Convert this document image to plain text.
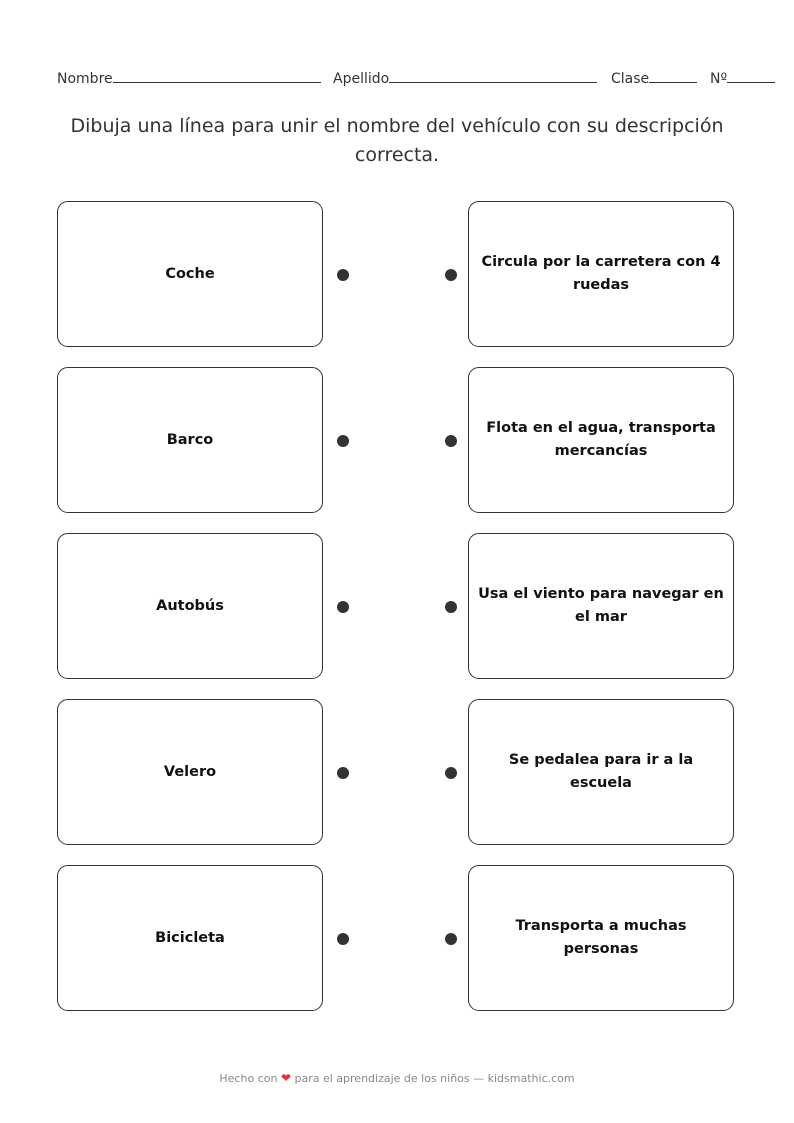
Nombre	Apellido	Clase	Nº
Dibuja una línea para unir el nombre del vehículo con su descripción correcta.
Coche
Circula por la carretera con 4 ruedas
Barco
Flota en el agua, transporta mercancías
Autobús
Usa el viento para navegar en el mar
Velero
Se pedalea para ir a la escuela
Bicicleta
Transporta a muchas personas
Hecho con ❤ para el aprendizaje de los niños — kidsmathic.com
